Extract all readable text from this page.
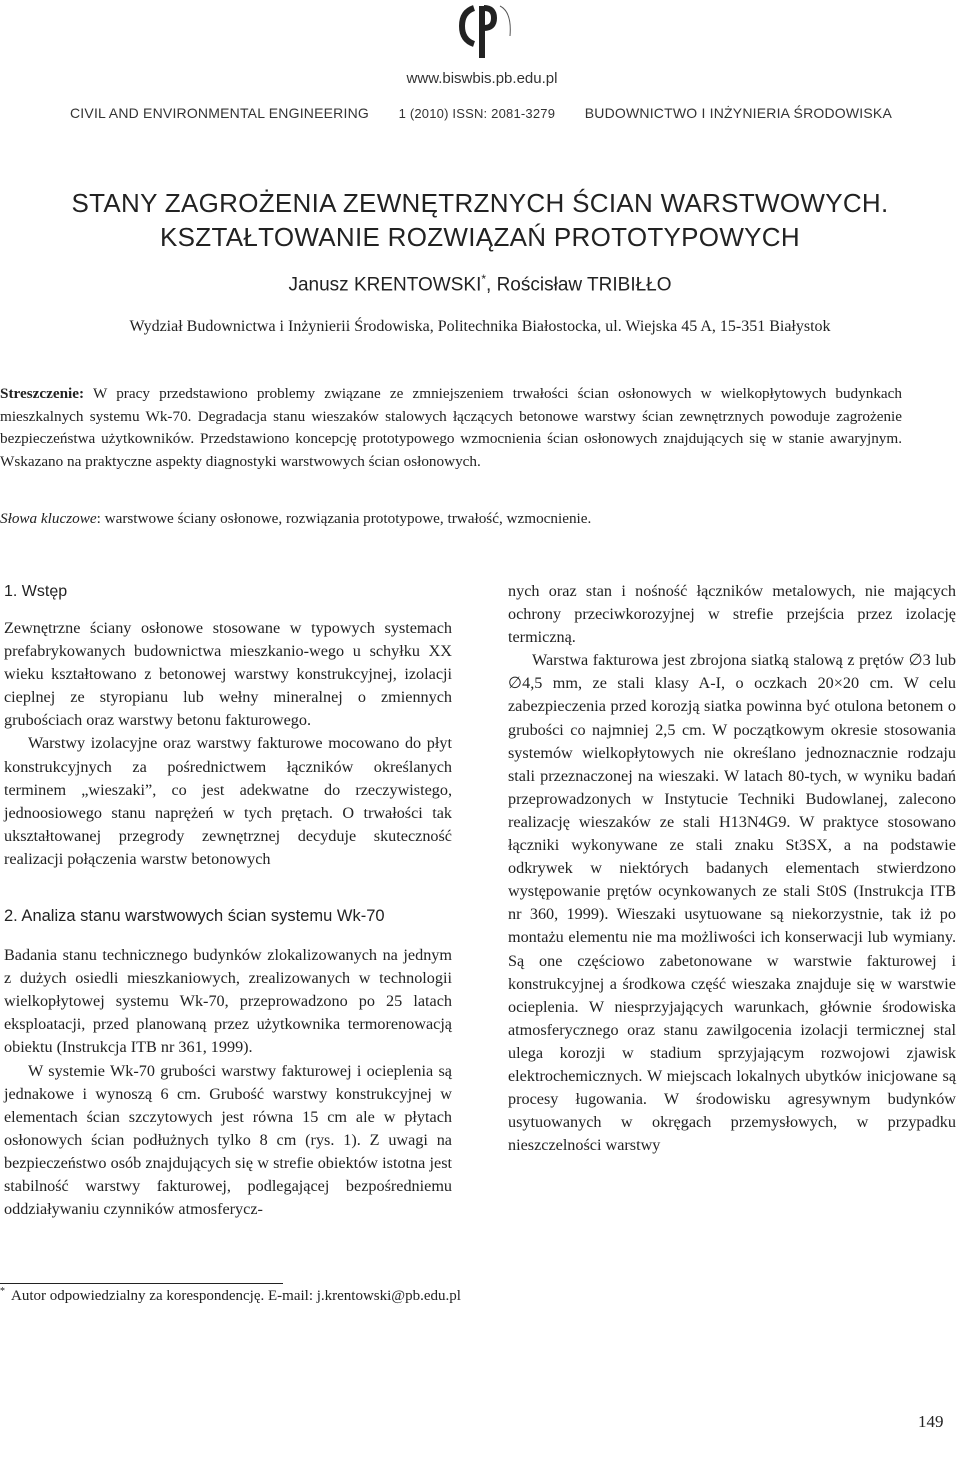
www.biswbis.pb.edu.pl
CIVIL AND ENVIRONMENTAL ENGINEERING 1 (2010) ISSN: 2081-3279 BUDOWNICTWO I INŻYNIERIA ŚRODOWISKA
STANY ZAGROŻENIA ZEWNĘTRZNYCH ŚCIAN WARSTWOWYCH.
KSZTAŁTOWANIE ROZWIĄZAŃ PROTOTYPOWYCH
Janusz KRENTOWSKI*, Rościsław TRIBIŁŁO
Wydział Budownictwa i Inżynierii Środowiska, Politechnika Białostocka, ul. Wiejska 45 A, 15-351 Białystok
Streszczenie: W pracy przedstawiono problemy związane ze zmniejszeniem trwałości ścian osłonowych w wielkopłytowych budynkach mieszkalnych systemu Wk-70. Degradacja stanu wieszaków stalowych łączących betonowe warstwy ścian zewnętrznych powoduje zagrożenie bezpieczeństwa użytkowników. Przedstawiono koncepcję prototypowego wzmocnienia ścian osłonowych znajdujących się w stanie awaryjnym. Wskazano na praktyczne aspekty diagnostyki warstwowych ścian osłonowych.
Słowa kluczowe: warstwowe ściany osłonowe, rozwiązania prototypowe, trwałość, wzmocnienie.

1. Wstęp

Zewnętrzne ściany osłonowe stosowane w typowych systemach prefabrykowanych budownictwa mieszkanio-wego u schyłku XX wieku kształtowano z betonowej warstwy konstrukcyjnej, izolacji cieplnej ze styropianu lub wełny mineralnej o zmiennych grubościach oraz warstwy betonu fakturowego.

Warstwy izolacyjne oraz warstwy fakturowe mocowano do płyt konstrukcyjnych za pośrednictwem łączników określanych terminem „wieszaki”, co jest adekwatne do rzeczywistego, jednoosiowego stanu naprężeń w tych prętach. O trwałości tak ukształtowanej przegrody zewnętrznej decyduje skuteczność realizacji połączenia warstw betonowych

2. Analiza stanu warstwowych ścian systemu Wk-70

Badania stanu technicznego budynków zlokalizowanych na jednym z dużych osiedli mieszkaniowych, zrealizowanych w technologii wielkopłytowej systemu Wk-70, przeprowadzono po 25 latach eksploatacji, przed planowaną przez użytkownika termorenowacją obiektu (Instrukcja ITB nr 361, 1999).

W systemie Wk-70 grubości warstwy fakturowej i ocieplenia są jednakowe i wynoszą 6 cm. Grubość warstwy konstrukcyjnej w elementach ścian szczytowych jest równa 15 cm ale w płytach osłonowych ścian podłużnych tylko 8 cm (rys. 1). Z uwagi na bezpieczeństwo osób znajdujących się w strefie obiektów istotna jest stabilność warstwy fakturowej, podlegającej bezpośredniemu oddziaływaniu czynników atmosferycz-

nych oraz stan i nośność łączników metalowych, nie mających ochrony przeciwkorozyjnej w strefie przejścia przez izolację termiczną.

Warstwa fakturowa jest zbrojona siatką stalową z prętów ∅3 lub ∅4,5 mm, ze stali klasy A-I, o oczkach 20×20 cm. W celu zabezpieczenia przed korozją siatka powinna być otulona betonem o grubości co najmniej 2,5 cm. W początkowym okresie stosowania systemów wielkopłytowych nie określano jednoznacznie rodzaju stali przeznaczonej na wieszaki. W latach 80-tych, w wyniku badań przeprowadzonych w Instytucie Techniki Budowlanej, zalecono realizację wieszaków ze stali H13N4G9. W praktyce stosowano łączniki wykonywane ze stali znaku St3SX, a na podstawie odkrywek w niektórych badanych elementach stwierdzono występowanie prętów ocynkowanych ze stali St0S (Instrukcja ITB nr 360, 1999). Wieszaki usytuowane są niekorzystnie, tak iż po montażu elementu nie ma możliwości ich konserwacji lub wymiany. Są one częściowo zabetonowane w warstwie fakturowej i konstrukcyjnej a środkowa część wieszaka znajduje się w warstwie ocieplenia. W niesprzyjających warunkach, głównie środowiska atmosferycznego oraz stanu zawilgocenia izolacji termicznej stal ulega korozji w stadium sprzyjającym rozwojowi zjawisk elektrochemicznych. W miejscach lokalnych ubytków inicjowane są procesy ługowania. W środowisku agresywnym budynków usytuowanych w okręgach przemysłowych, w przypadku nieszczelności warstwy

* Autor odpowiedzialny za korespondencję. E-mail: j.krentowski@pb.edu.pl
149
